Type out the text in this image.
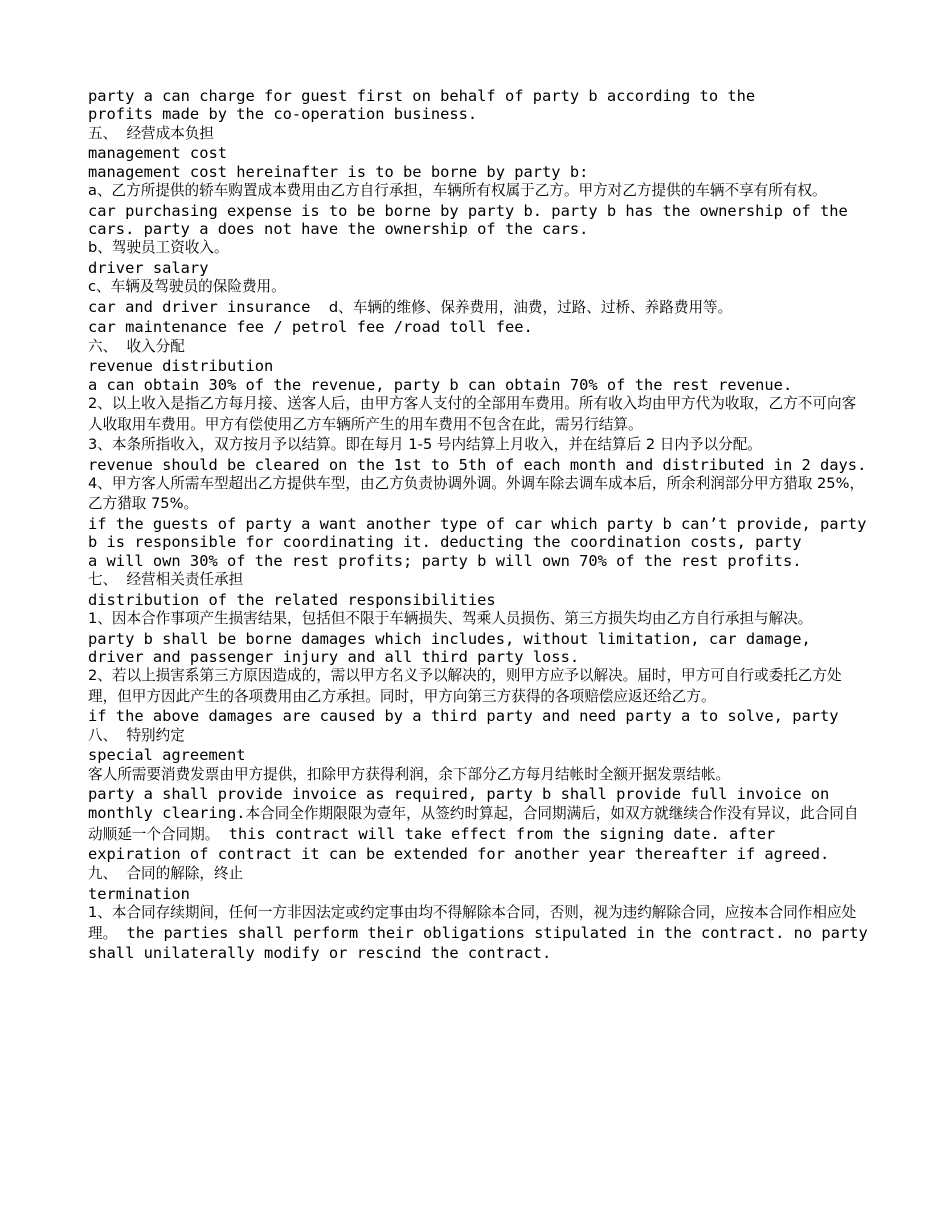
party a can charge for guest first on behalf of party b according to the
profits made by the co-operation business.

五、  经营成本负担

management cost

management cost hereinafter is to be borne by party b:

a、乙方所提供的轿车购置成本费用由乙方自行承担，车辆所有权属于乙方。甲方对乙方提供的车辆不享有所有权。

car purchasing expense is to be borne by party b. party b has the ownership of the cars. party a does not have the ownership of the cars.

b、驾驶员工资收入。

driver salary

c、车辆及驾驶员的保险费用。

car and driver insurance  d、车辆的维修、保养费用，油费，过路、过桥、养路费用等。

car maintenance fee / petrol fee /road toll fee.

六、  收入分配

revenue distribution

a can obtain 30% of the revenue, party b can obtain 70% of the rest revenue.

2、以上收入是指乙方每月接、送客人后，由甲方客人支付的全部用车费用。所有收入均由甲方代为收取，乙方不可向客人收取用车费用。甲方有偿使用乙方车辆所产生的用车费用不包含在此，需另行结算。

3、本条所指收入，双方按月予以结算。即在每月 1-5 号内结算上月收入，并在结算后 2 日内予以分配。

revenue should be cleared on the 1st to 5th of each month and distributed in 2 days.

4、甲方客人所需车型超出乙方提供车型，由乙方负责协调外调。外调车除去调车成本后，所余利润部分甲方猎取 25%，乙方猎取 75%。

if the guests of party a want another type of car which party b can’t provide, party b is responsible for coordinating it. deducting the coordination costs, party
a will own 30% of the rest profits; party b will own 70% of the rest profits.

七、  经营相关责任承担

distribution of the related responsibilities

1、因本合作事项产生损害结果，包括但不限于车辆损失、驾乘人员损伤、第三方损失均由乙方自行承担与解决。

party b shall be borne damages which includes, without limitation, car damage, driver and passenger injury and all third party loss.

2、若以上损害系第三方原因造成的，需以甲方名义予以解决的，则甲方应予以解决。届时，甲方可自行或委托乙方处理，但甲方因此产生的各项费用由乙方承担。同时，甲方向第三方获得的各项赔偿应返还给乙方。

if the above damages are caused by a third party and need party a to solve, party

八、  特别约定

special agreement

客人所需要消费发票由甲方提供，扣除甲方获得利润，余下部分乙方每月结帐时全额开据发票结帐。

party a shall provide invoice as required, party b shall provide full invoice on monthly clearing.本合同全作期限限为壹年，从签约时算起，合同期满后，如双方就继续合作没有异议，此合同自动顺延一个合同期。 this contract will take effect from the signing date. after expiration of contract it can be extended for another year thereafter if agreed.

九、  合同的解除，终止

termination

1、本合同存续期间，任何一方非因法定或约定事由均不得解除本合同，否则，视为违约解除合同，应按本合同作相应处理。 the parties shall perform their obligations stipulated in the contract. no party shall unilaterally modify or rescind the contract.
